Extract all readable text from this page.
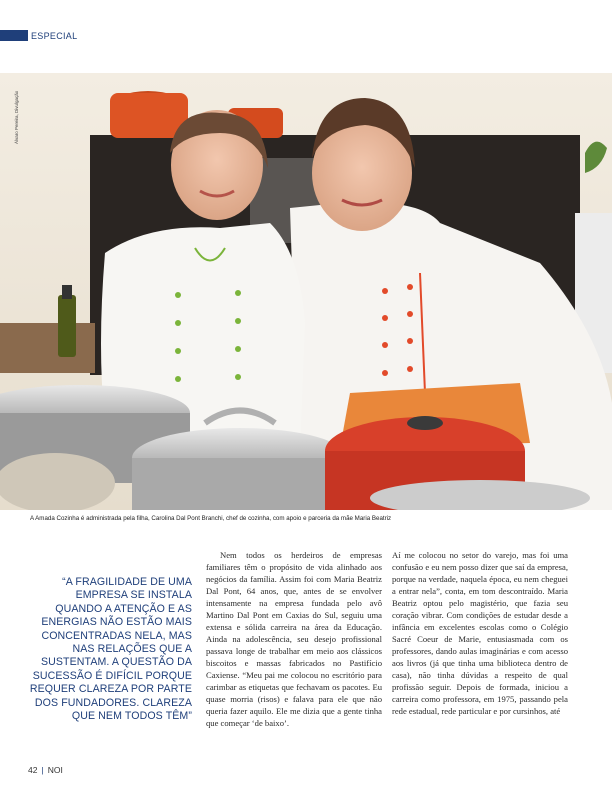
ESPECIAL
Álvaro Pereira, Divulgação
A Amada Cozinha é administrada pela filha, Carolina Dal Pont Branchi, chef de cozinha, com apoio e parceria da mãe Maria Beatriz
“A FRAGILIDADE DE UMA EMPRESA SE INSTALA QUANDO A ATENÇÃO E AS ENERGIAS NÃO ESTÃO MAIS CONCENTRADAS NELA, MAS NAS RELAÇÕES QUE A SUSTENTAM. A QUESTÃO DA SUCESSÃO É DIFÍCIL PORQUE REQUER CLAREZA POR PARTE DOS FUNDADORES. CLAREZA QUE NEM TODOS TÊM”
Nem todos os herdeiros de empresas familiares têm o propósito de vida alinhado aos negócios da família. Assim foi com Maria Beatriz Dal Pont, 64 anos, que, antes de se envolver intensamente na empresa fundada pelo avô Martino Dal Pont em Caxias do Sul, seguiu uma extensa e sólida carreira na área da Educação. Ainda na adolescência, seu desejo profissional passava longe de trabalhar em meio aos clássicos biscoitos e massas fabricados no Pastifício Caxiense. “Meu pai me colocou no escritório para carimbar as etiquetas que fechavam os pacotes. Eu quase morria (risos) e falava para ele que não queria fazer aquilo. Ele me dizia que a gente tinha que começar ‘de baixo’.
Aí me colocou no setor do varejo, mas foi uma confusão e eu nem posso dizer que saí da empresa, porque na verdade, naquela época, eu nem cheguei a entrar nela”, conta, em tom descontraído. Maria Beatriz optou pelo magistério, que fazia seu coração vibrar. Com condições de estudar desde a infância em excelentes escolas como o Colégio Sacré Coeur de Marie, entusiasmada com os professores, dando aulas imaginárias e com acesso aos livros (já que tinha uma biblioteca dentro de casa), não tinha dúvidas a respeito de qual profissão seguir. Depois de formada, iniciou a carreira como professora, em 1975, passando pela rede estadual, rede particular e por cursinhos, até
42 | NOI
